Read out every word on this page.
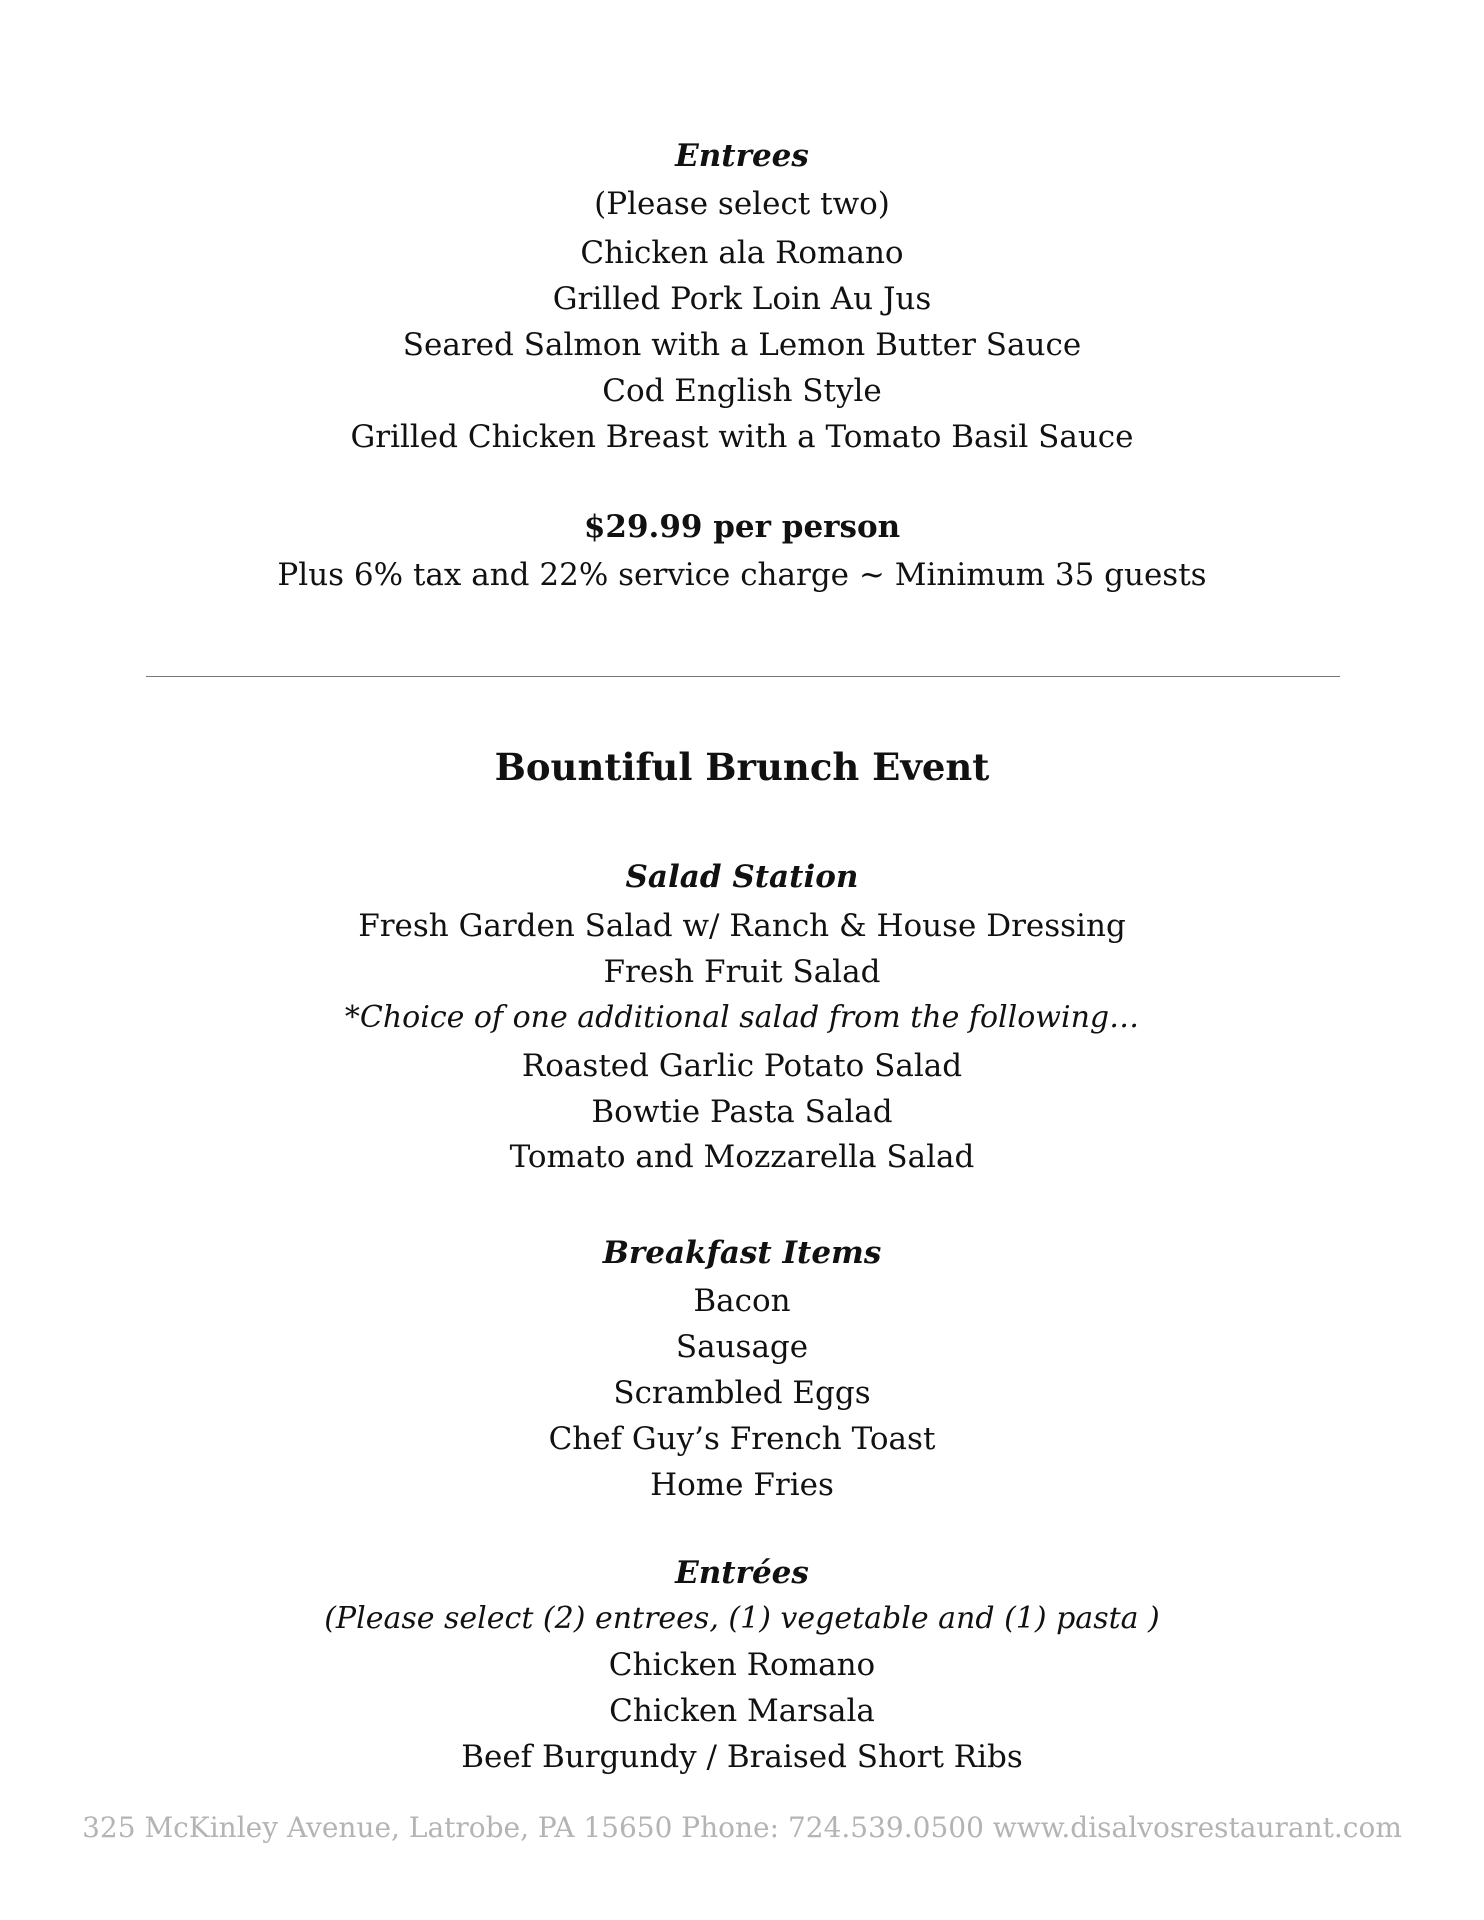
Entrees
(Please select two)
Chicken ala Romano
Grilled Pork Loin Au Jus
Seared Salmon with a Lemon Butter Sauce
Cod English Style
Grilled Chicken Breast with a Tomato Basil Sauce
$29.99 per person
Plus 6% tax and 22% service charge ~ Minimum 35 guests
Bountiful Brunch Event
Salad Station
Fresh Garden Salad w/ Ranch & House Dressing
Fresh Fruit Salad
*Choice of one additional salad from the following…
Roasted Garlic Potato Salad
Bowtie Pasta Salad
Tomato and Mozzarella Salad
Breakfast Items
Bacon
Sausage
Scrambled Eggs
Chef Guy’s French Toast
Home Fries
Entrées
(Please select (2) entrees, (1) vegetable and (1) pasta )
Chicken Romano
Chicken Marsala
Beef Burgundy / Braised Short Ribs
325 McKinley Avenue, Latrobe, PA 15650 Phone: 724.539.0500 www.disalvosrestaurant.com
